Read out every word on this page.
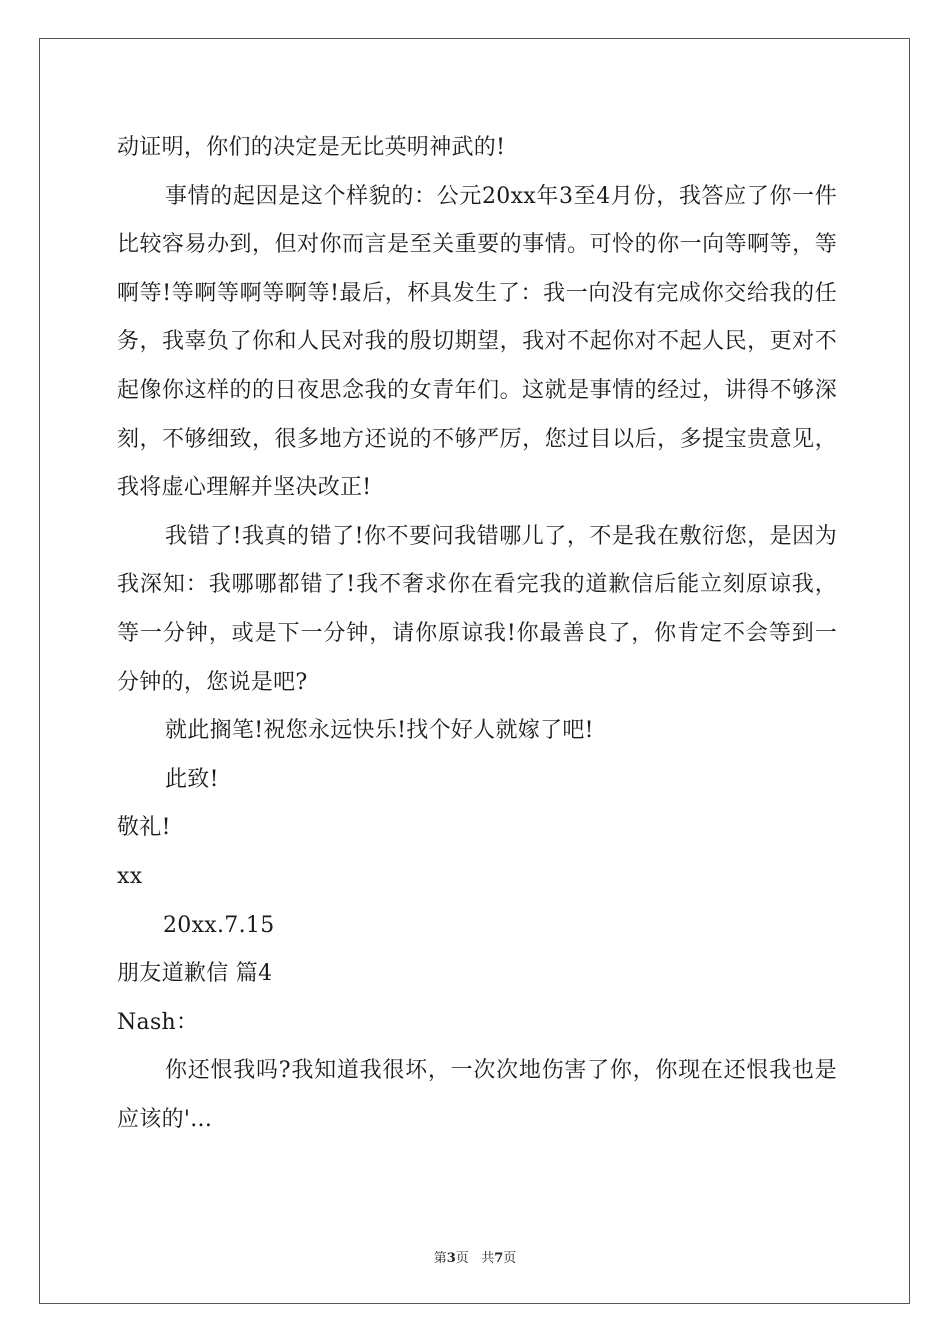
动证明，你们的决定是无比英明神武的!

事情的起因是这个样貌的：公元20xx年3至4月份，我答应了你一件比较容易办到，但对你而言是至关重要的事情。可怜的你一向等啊等，等啊等!等啊等啊等啊等!最后，杯具发生了：我一向没有完成你交给我的任务，我辜负了你和人民对我的殷切期望，我对不起你对不起人民，更对不起像你这样的的日夜思念我的女青年们。这就是事情的经过，讲得不够深刻，不够细致，很多地方还说的不够严厉，您过目以后，多提宝贵意见，我将虚心理解并坚决改正!

我错了!我真的错了!你不要问我错哪儿了，不是我在敷衍您，是因为我深知：我哪哪都错了!我不奢求你在看完我的道歉信后能立刻原谅我，等一分钟，或是下一分钟，请你原谅我!你最善良了，你肯定不会等到一分钟的，您说是吧?

就此搁笔!祝您永远快乐!找个好人就嫁了吧!

此致!

敬礼!

xx

20xx.7.15

朋友道歉信 篇4

Nash：

你还恨我吗?我知道我很坏，一次次地伤害了你，你现在还恨我也是应该的'...

第3页 共7页
